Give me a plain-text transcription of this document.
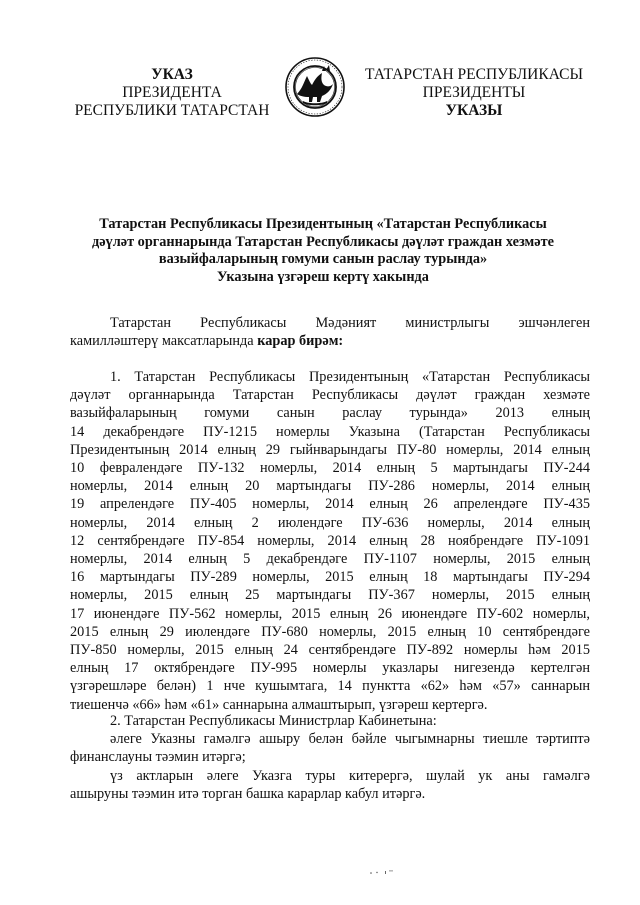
УКАЗ
ПРЕЗИДЕНТА
РЕСПУБЛИКИ ТАТАРСТАН
ТАТАРСТАН РЕСПУБЛИКАСЫ
ПРЕЗИДЕНТЫ
УКАЗЫ
Татарстан Республикасы Президентының «Татарстан Республикасы
дәүләт органнарында Татарстан Республикасы дәүләт граждан хезмәте
вазыйфаларының гомуми санын раслау турында»
Указына үзгәреш кертү хакында
Татарстан Республикасы Мәдәният министрлыгы эшчәнлеген
камилләштерү максатларында карар бирәм:
1. Татарстан Республикасы Президентының «Татарстан Республикасы
дәүләт органнарында Татарстан Республикасы дәүләт граждан хезмәте
вазыйфаларының гомуми санын раслау турында» 2013 елның
14 декабрендәге ПУ-1215 номерлы Указына (Татарстан Республикасы
Президентының 2014 елның 29 гыйнварындагы ПУ-80 номерлы, 2014 елның
10 февралендәге ПУ-132 номерлы, 2014 елның 5 мартындагы ПУ-244
номерлы, 2014 елның 20 мартындагы ПУ-286 номерлы, 2014 елның
19 апрелендәге ПУ-405 номерлы, 2014 елның 26 апрелендәге ПУ-435
номерлы, 2014 елның 2 июлендәге ПУ-636 номерлы, 2014 елның
12 сентябрендәге ПУ-854 номерлы, 2014 елның 28 ноябрендәге ПУ-1091
номерлы, 2014 елның 5 декабрендәге ПУ-1107 номерлы, 2015 елның
16 мартындагы ПУ-289 номерлы, 2015 елның 18 мартындагы ПУ-294
номерлы, 2015 елның 25 мартындагы ПУ-367 номерлы, 2015 елның
17 июнендәге ПУ-562 номерлы, 2015 елның 26 июнендәге ПУ-602 номерлы,
2015 елның 29 июлендәге ПУ-680 номерлы, 2015 елның 10 сентябрендәге
ПУ-850 номерлы, 2015 елның 24 сентябрендәге ПУ-892 номерлы һәм 2015
елның 17 октябрендәге ПУ-995 номерлы указлары нигезендә кертелгән
үзгәрешләре белән) 1 нче кушымтага, 14 пунктта «62» һәм «57» саннарын
тиешенчә «66» һәм «61» саннарына алмаштырып, үзгәреш кертергә.
2. Татарстан Республикасы Министрлар Кабинетына:
әлеге Указны гамәлгә ашыру белән бәйле чыгымнарны тиешле тәртиптә
финанслауны тәэмин итәргә;
үз актларын әлеге Указга туры китерергә, шулай ук аны гамәлгә
ашыруны тәэмин итә торган башка карарлар кабул итәргә.
